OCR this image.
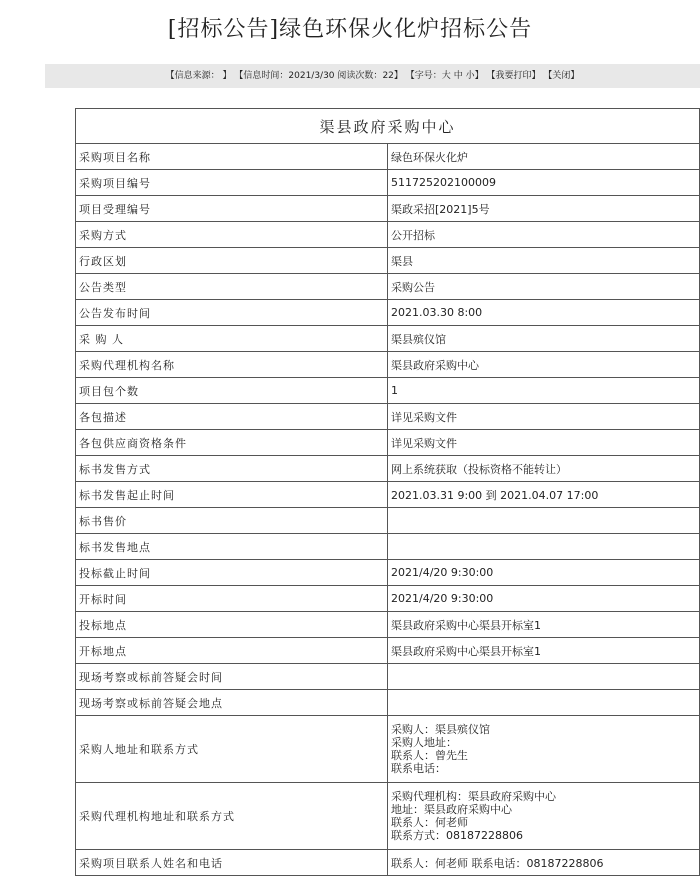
[招标公告]绿色环保火化炉招标公告
【信息来源： 】 【信息时间：2021/3/30 阅读次数：22】 【字号：大 中 小】 【我要打印】 【关闭】
渠县政府采购中心	
采购项目名称	绿色环保火化炉
采购项目编号	511725202100009
项目受理编号	渠政采招[2021]5号
采购方式	公开招标
行政区划	渠县
公告类型	采购公告
公告发布时间	2021.03.30 8:00
采 购 人	渠县殡仪馆
采购代理机构名称	渠县政府采购中心
项目包个数	1
各包描述	详见采购文件
各包供应商资格条件	详见采购文件
标书发售方式	网上系统获取（投标资格不能转让）
标书发售起止时间	2021.03.31 9:00 到 2021.04.07 17:00
标书售价	
标书发售地点	
投标截止时间	2021/4/20 9:30:00
开标时间	2021/4/20 9:30:00
投标地点	渠县政府采购中心渠县开标室1
开标地点	渠县政府采购中心渠县开标室1
现场考察或标前答疑会时间	
现场考察或标前答疑会地点	
采购人地址和联系方式	采购人：渠县殡仪馆
采购人地址：
联系人：曾先生
联系电话：

采购代理机构地址和联系方式	采购代理机构：渠县政府采购中心
地址：渠县政府采购中心
联系人：何老师
联系方式：08187228806

采购项目联系人姓名和电话	联系人：何老师 联系电话：08187228806
